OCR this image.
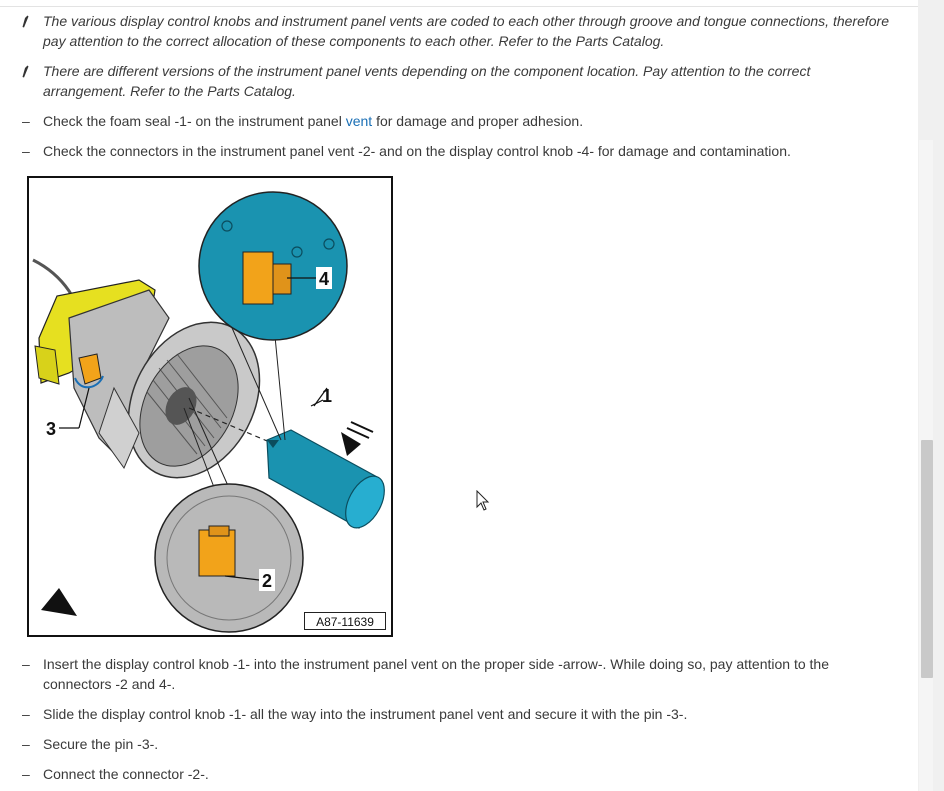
The various display control knobs and instrument panel vents are coded to each other through groove and tongue connections, therefore
pay attention to the correct allocation of these components to each other. Refer to the Parts Catalog.
There are different versions of the instrument panel vents depending on the component location. Pay attention to the correct
arrangement. Refer to the Parts Catalog.
– Check the foam seal -1- on the instrument panel vent for damage and proper adhesion.
– Check the connectors in the instrument panel vent -2- and on the display control knob -4- for damage and contamination.
4
1
3
2
A87-11639
– Insert the display control knob -1- into the instrument panel vent on the proper side -arrow-. While doing so, pay attention to the
connectors -2 and 4-.
– Slide the display control knob -1- all the way into the instrument panel vent and secure it with the pin -3-.
– Secure the pin -3-.
– Connect the connector -2-.
